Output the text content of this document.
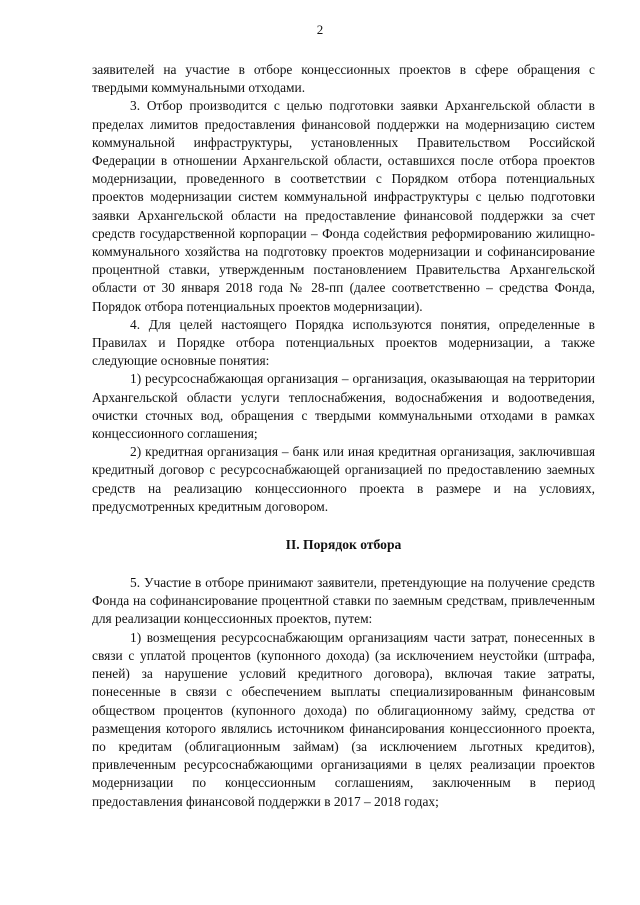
2

заявителей на участие в отборе концессионных проектов в сфере обращения с твердыми коммунальными отходами.

3. Отбор производится с целью подготовки заявки Архангельской области в пределах лимитов предоставления финансовой поддержки на модернизацию систем коммунальной инфраструктуры, установленных Правительством Российской Федерации в отношении Архангельской области, оставшихся после отбора проектов модернизации, проведенного в соответствии с Порядком отбора потенциальных проектов модернизации систем коммунальной инфраструктуры с целью подготовки заявки Архангельской области на предоставление финансовой поддержки за счет средств государственной корпорации – Фонда содействия реформированию жилищно-коммунального хозяйства на подготовку проектов модернизации и софинансирование процентной ставки, утвержденным постановлением Правительства Архангельской области от 30 января 2018 года № 28-пп (далее соответственно – средства Фонда, Порядок отбора потенциальных проектов модернизации).

4. Для целей настоящего Порядка используются понятия, определенные в Правилах и Порядке отбора потенциальных проектов модернизации, а также следующие основные понятия:

1) ресурсоснабжающая организация – организация, оказывающая на территории Архангельской области услуги теплоснабжения, водоснабжения и водоотведения, очистки сточных вод, обращения с твердыми коммунальными отходами в рамках концессионного соглашения;

2) кредитная организация – банк или иная кредитная организация, заключившая кредитный договор с ресурсоснабжающей организацией по предоставлению заемных средств на реализацию концессионного проекта в размере и на условиях, предусмотренных кредитным договором.

II. Порядок отбора

5. Участие в отборе принимают заявители, претендующие на получение средств Фонда на софинансирование процентной ставки по заемным средствам, привлеченным для реализации концессионных проектов, путем:

1) возмещения ресурсоснабжающим организациям части затрат, понесенных в связи с уплатой процентов (купонного дохода) (за исключением неустойки (штрафа, пеней) за нарушение условий кредитного договора), включая такие затраты, понесенные в связи с обеспечением выплаты специализированным финансовым обществом процентов (купонного дохода) по облигационному займу, средства от размещения которого являлись источником финансирования концессионного проекта, по кредитам (облигационным займам) (за исключением льготных кредитов), привлеченным ресурсоснабжающими организациями в целях реализации проектов модернизации по концессионным соглашениям, заключенным в период предоставления финансовой поддержки в 2017 – 2018 годах;
